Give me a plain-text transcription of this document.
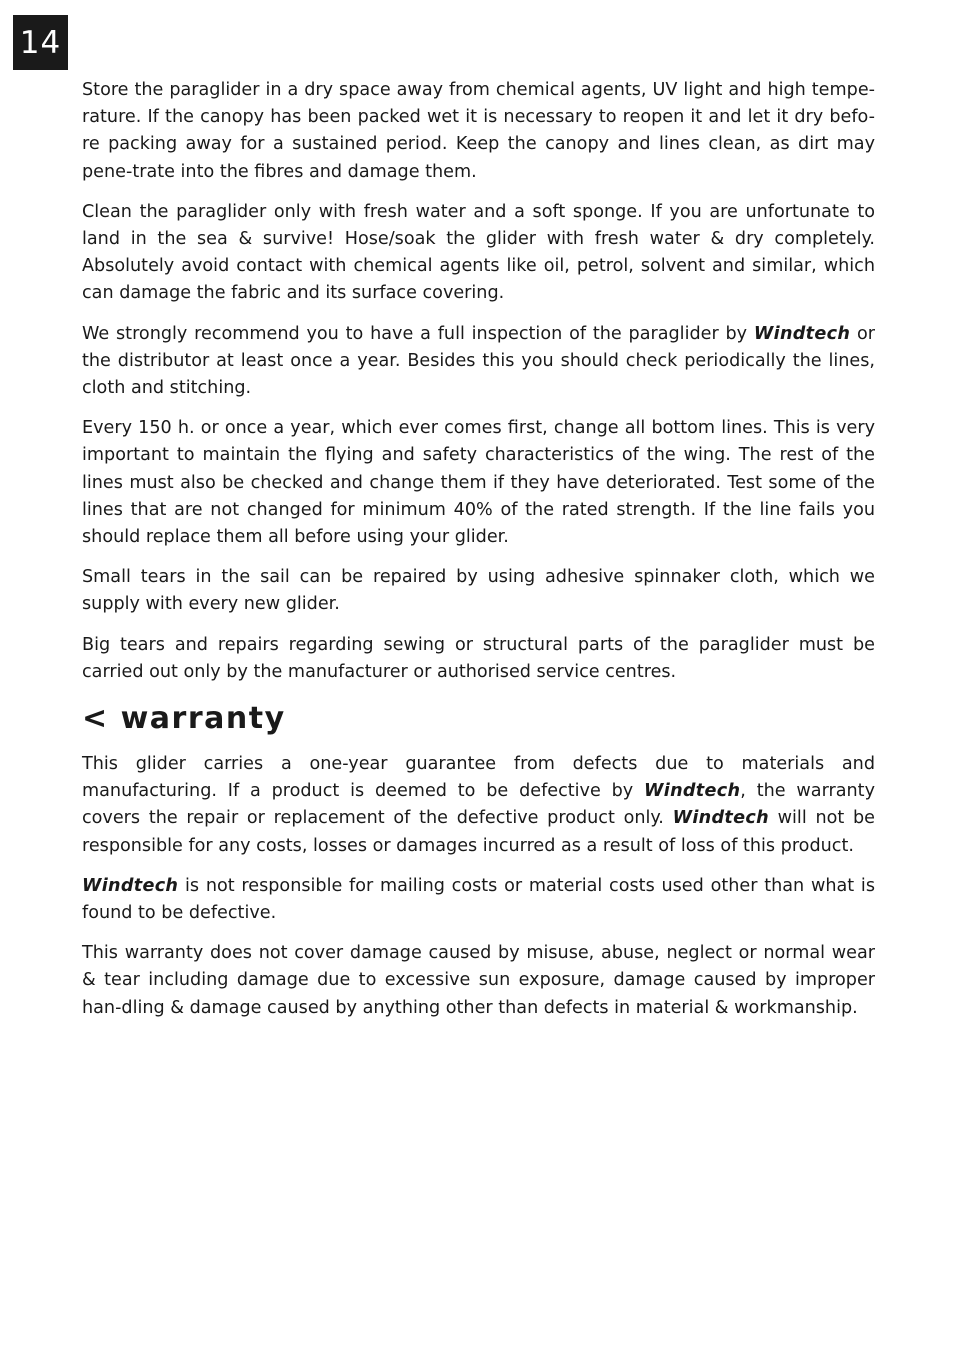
14

Store the paraglider in a dry space away from chemical agents, UV light and high tempe-rature. If the canopy has been packed wet it is necessary to reopen it and let it dry befo-re packing away for a sustained period. Keep the canopy and lines clean, as dirt may pene-trate into the fibres and damage them.

Clean the paraglider only with fresh water and a soft sponge. If you are unfortunate to land in the sea & survive! Hose/soak the glider with fresh water & dry completely. Absolutely avoid contact with chemical agents like oil, petrol, solvent and similar, which can damage the fabric and its surface covering.

We strongly recommend you to have a full inspection of the paraglider by Windtech or the distributor at least once a year. Besides this you should check periodically the lines, cloth and stitching.

Every 150 h. or once a year, which ever comes first, change all bottom lines. This is very important to maintain the flying and safety characteristics of the wing. The rest of the lines must also be checked and change them if they have deteriorated. Test some of the lines that are not changed for minimum 40% of the rated strength. If the line fails you should replace them all before using your glider.

Small tears in the sail can be repaired by using adhesive spinnaker cloth, which we supply with every new glider.

Big tears and repairs regarding sewing or structural parts of the paraglider must be carried out only by the manufacturer or authorised service centres.

< warranty

This glider carries a one-year guarantee from defects due to materials and manufacturing. If a product is deemed to be defective by Windtech, the warranty covers the repair or replacement of the defective product only. Windtech will not be responsible for any costs, losses or damages incurred as a result of loss of this product.

Windtech is not responsible for mailing costs or material costs used other than what is found to be defective.

This warranty does not cover damage caused by misuse, abuse, neglect or normal wear & tear including damage due to excessive sun exposure, damage caused by improper han-dling & damage caused by anything other than defects in material & workmanship.
